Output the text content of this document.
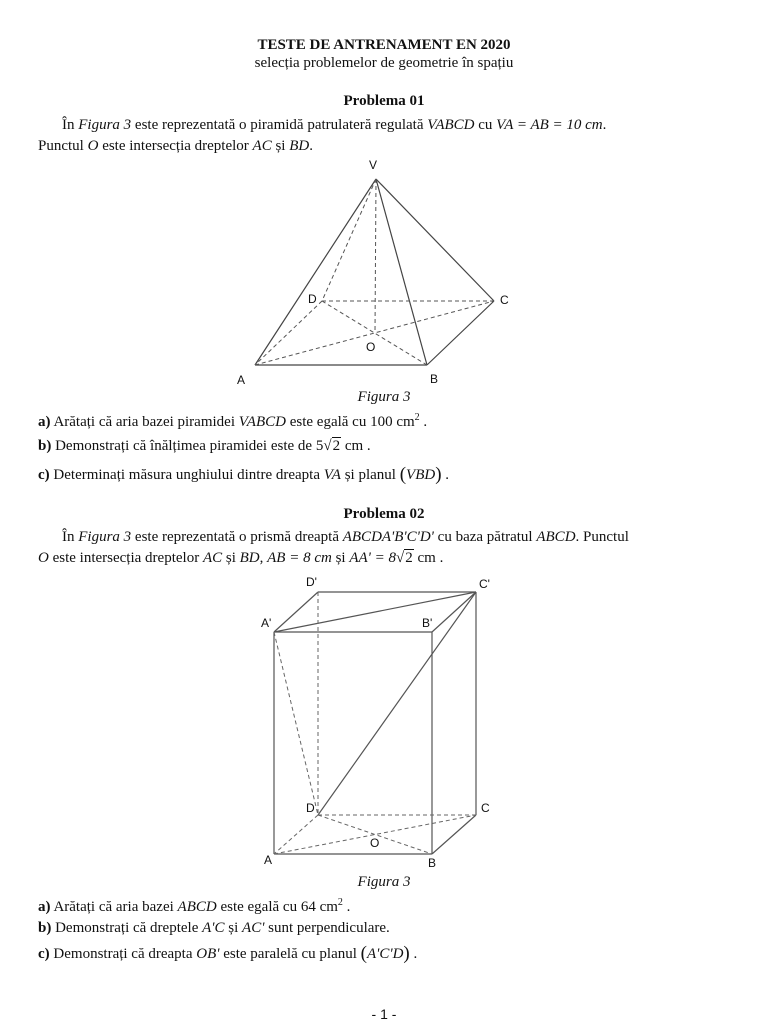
TESTE DE ANTRENAMENT EN 2020
selecția problemelor de geometrie în spațiu
Problema 01
În Figura 3 este reprezentată o piramidă patrulateră regulată VABCD cu VA = AB = 10 cm.
Punctul O este intersecția dreptelor AC și BD.
V
A	B
C
D
O
Figura 3
a) Arătați că aria bazei piramidei VABCD este egală cu 100 $cm^2$ .
b) Demonstrați că înălțimea piramidei este de 5√2 cm .
c) Determinați măsura unghiului dintre dreapta VA și planul (VBD) .
Problema 02
În Figura 3 este reprezentată o prismă dreaptă ABCDA'B'C'D' cu baza pătratul ABCD. Punctul
O este intersecția dreptelor AC și BD, AB = 8 cm și AA' = 8√2 cm .
D'	C'
A'	B'
D	C
A	B
O
Figura 3
a) Arătați că aria bazei ABCD este egală cu 64 $cm^2$ .
b) Demonstrați că dreptele A'C și AC' sunt perpendiculare.
c) Demonstrați că dreapta OB' este paralelă cu planul (A'C'D) .
- 1 -
